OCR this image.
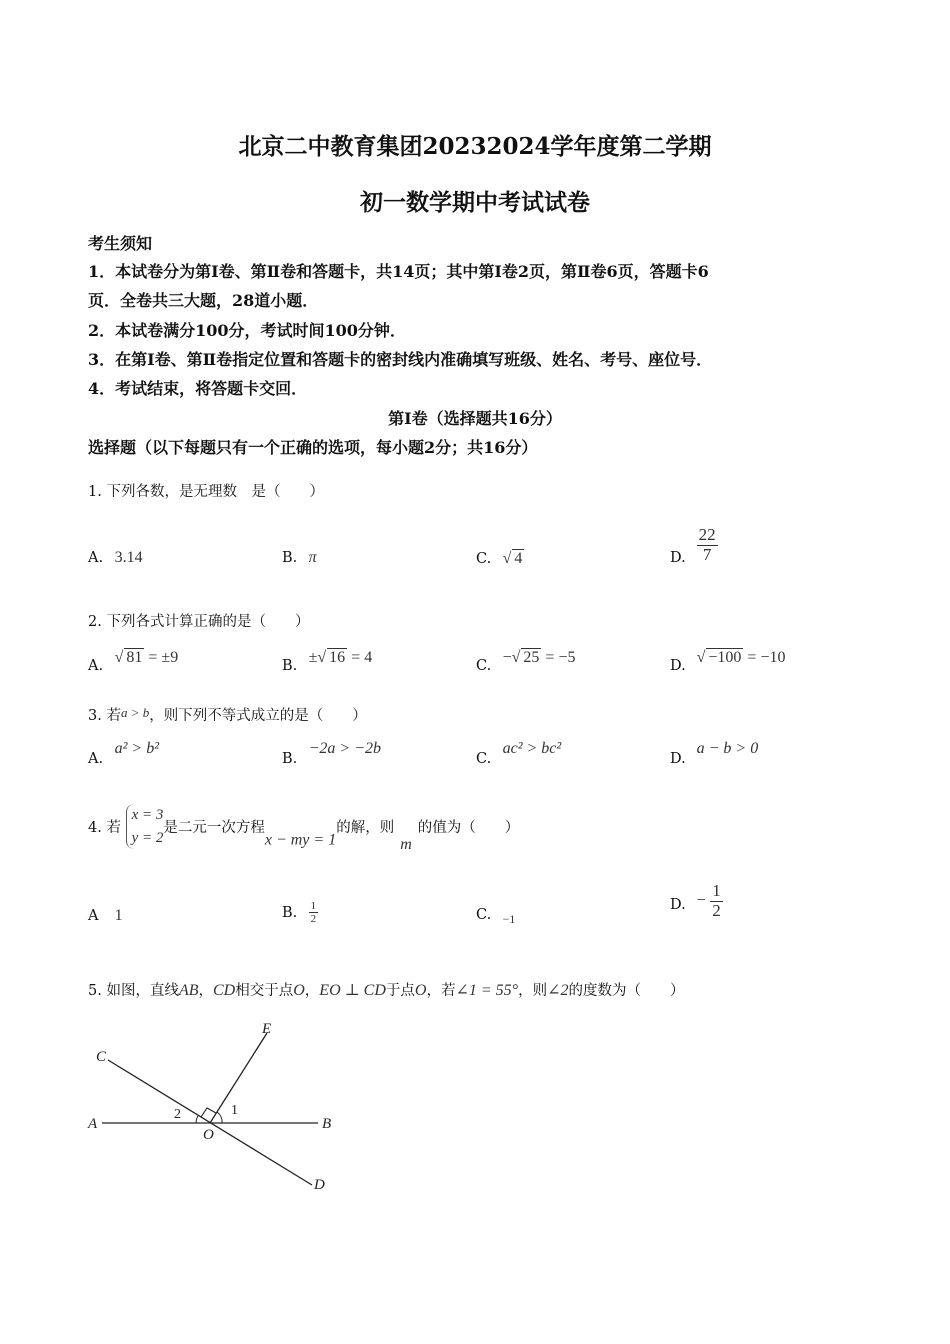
北京二中教育集团20232024学年度第二学期
初一数学期中考试试卷
考生须知
1．本试卷分为第Ⅰ卷、第Ⅱ卷和答题卡，共14页；其中第Ⅰ卷2页，第Ⅱ卷6页，答题卡6
页．全卷共三大题，28道小题．
2．本试卷满分100分，考试时间100分钟．
3．在第Ⅰ卷、第Ⅱ卷指定位置和答题卡的密封线内准确填写班级、姓名、考号、座位号．
4．考试结束，将答题卡交回．
第Ⅰ卷（选择题共16分）
选择题（以下每题只有一个正确的选项，每小题2分；共16分）
1. 下列各数，是无理数　是（　　）
A. 3.14	B. π	C. √ 4	D. $\frac{22}{7}$
2. 下列各式计算正确的是（　　）
A. √ 81 = ±9	B. ±√ 16 = 4	C. −√ 25 = −5	D. √ −100 = −10
3. 若a > b，则下列不等式成立的是（　　）
A. a² > b²
B. −2a > −2b
C. ac² > bc²
D. a − b > 0
4. 若 x = 3
y = 2是二元一次方程x − my = 1的解，则m的值为（　　）
A 1	B. $\frac{1}{2}$	C. $_{-1}$
D. − $\frac{1}{2}$
5. 如图，直线AB，CD相交于点O，EO ⊥ CD于点O，若∠1 = 55°，则∠2的度数为（　　）
A	B
C
D
E
O
1
2
